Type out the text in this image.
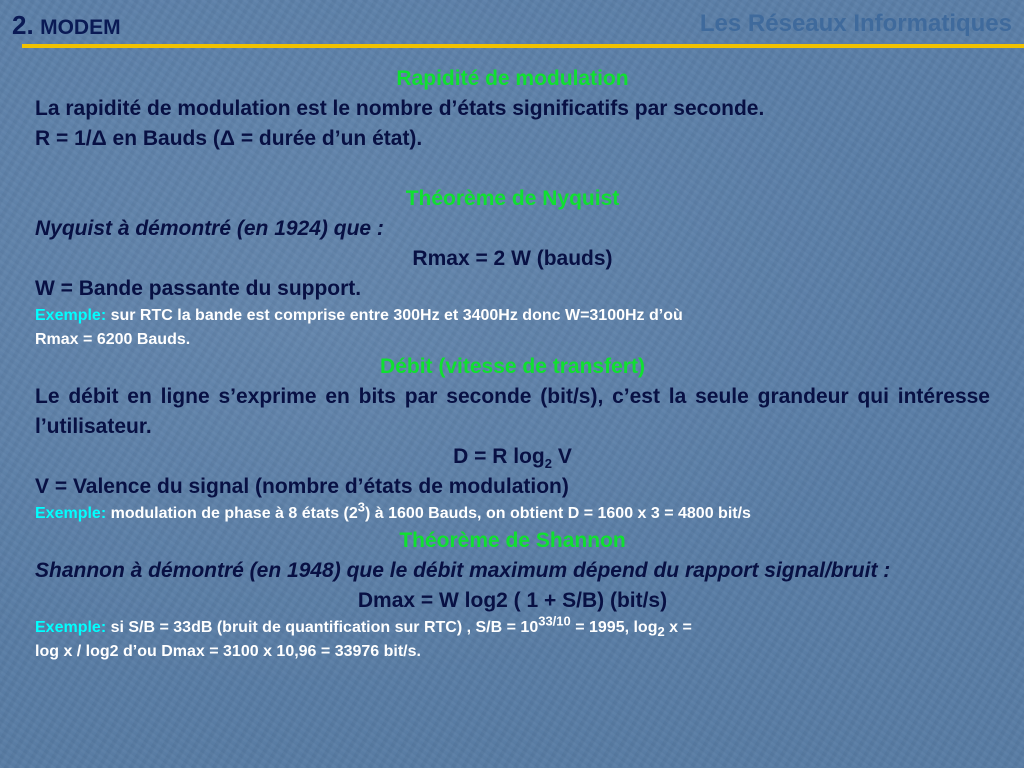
2. MODEM	Les Réseaux Informatiques
Rapidité de modulation
La rapidité de modulation est le nombre d’états significatifs par seconde.
R = 1/Δ en Bauds (Δ = durée d’un état).
Théorème de Nyquist
Nyquist à démontré (en 1924) que :
Rmax = 2 W (bauds)
W = Bande passante du support.
Exemple: sur RTC la bande est comprise entre 300Hz et 3400Hz donc W=3100Hz d’où
Rmax = 6200 Bauds.
Débit (vitesse de transfert)
Le débit en ligne s’exprime en bits par seconde (bit/s), c’est la seule grandeur qui intéresse l’utilisateur.
D = R $\log_2 V$
V = Valence du signal (nombre d’états de modulation)
Exemple: modulation de phase à 8 états $(2^3)$ à 1600 Bauds, on obtient D = 1600 x 3 = 4800 bit/s
Théorème de Shannon
Shannon à démontré (en 1948) que le débit maximum dépend du rapport signal/bruit :
Dmax = W log2 ( 1 + S/B) (bit/s)
Exemple: si S/B = 33dB (bruit de quantification sur RTC) , $S/B = 10^{33/10} = 1995$, $\log_2 x$ =
log x / log2 d’ou Dmax = 3100 x 10,96 = 33976 bit/s.
